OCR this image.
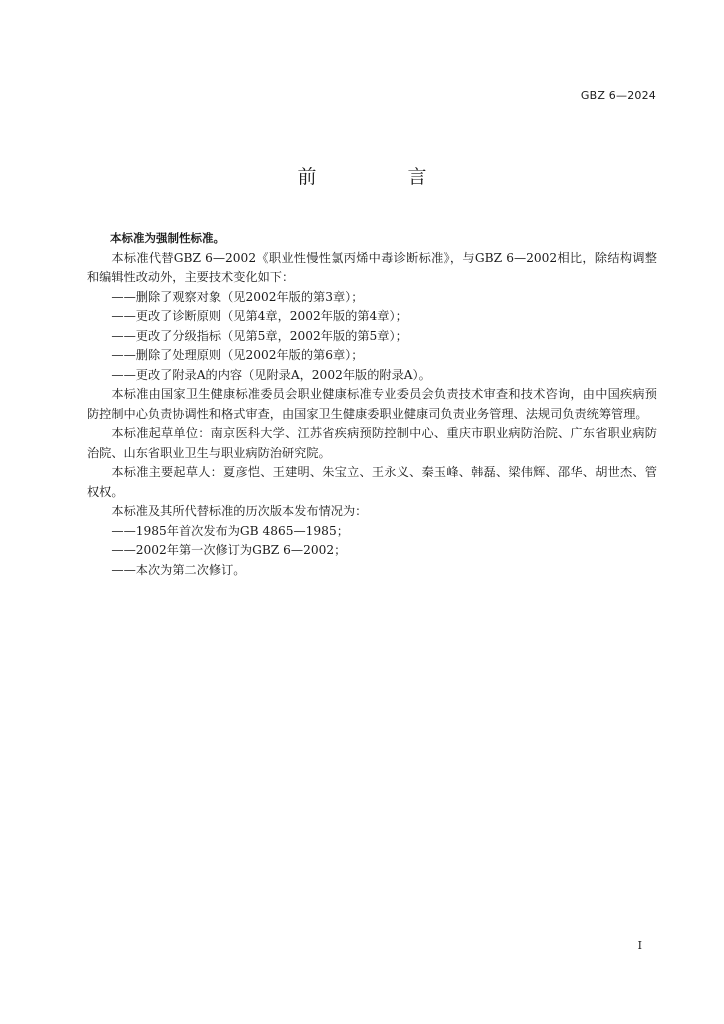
GBZ 6—2024
前　言

本标准为强制性标准。

本标准代替GBZ 6—2002《职业性慢性氯丙烯中毒诊断标准》，与GBZ 6—2002相比，除结构调整和编辑性改动外，主要技术变化如下：

——删除了观察对象（见2002年版的第3章）；

——更改了诊断原则（见第4章，2002年版的第4章）；

——更改了分级指标（见第5章，2002年版的第5章）；

——删除了处理原则（见2002年版的第6章）；

——更改了附录A的内容（见附录A，2002年版的附录A）。

本标准由国家卫生健康标准委员会职业健康标准专业委员会负责技术审查和技术咨询，由中国疾病预防控制中心负责协调性和格式审查，由国家卫生健康委职业健康司负责业务管理、法规司负责统筹管理。

本标准起草单位：南京医科大学、江苏省疾病预防控制中心、重庆市职业病防治院、广东省职业病防治院、山东省职业卫生与职业病防治研究院。

本标准主要起草人：夏彦恺、王建明、朱宝立、王永义、秦玉峰、韩磊、梁伟辉、邵华、胡世杰、管权权。

本标准及其所代替标准的历次版本发布情况为：

——1985年首次发布为GB 4865—1985；

——2002年第一次修订为GBZ 6—2002；

——本次为第二次修订。

I
